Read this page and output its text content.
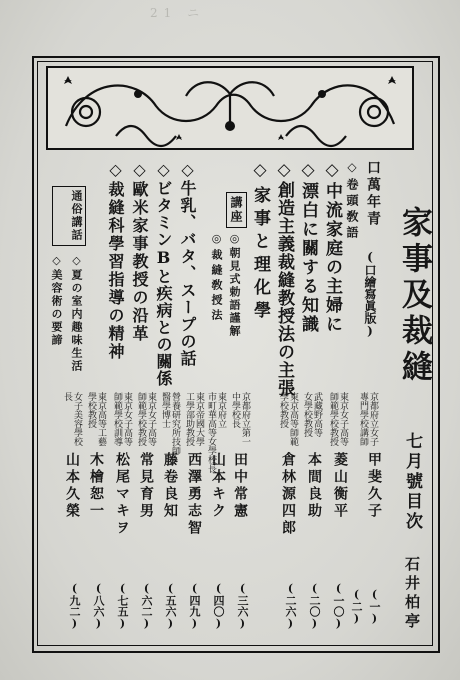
21 ニ
家事及裁縫
七月號目次
石井柏亭
口萬年青
(口繪寫眞版)
◇卷頭敎語
京都府立女子
專門學校講師
甲斐久子
(一)
(二)
◇中流家庭の主婦に
東京女子高等
師範學校教授
菱山衡平
(一〇)
◇漂白に關する知識
武藏野高等
女學校教授
本間良助
(二〇)
◇創造主義裁縫教授法の主張
東京高等師範
學校教授
倉林源四郎
(二六)
◇家事と理化學
講座
◎朝見式勅語謹解
京都府立第一
中學校長
田中常憲
(三六)
◎裁縫敎授法
東京府立
市町華高等女學校長
山本キク
(四〇)
◇牛乳、バタ、スープの話
東京帝國大學
工學部助教授
西澤勇志智
(四九)
◇ビタミンBと疾病との關係
營養研究所技師
醫學博士
藤卷良知
(五六)
◇歐米家事教授の沿革
東京女子高等
師範學校教授
常見育男
(六二)
◇裁縫科學習指導の精神
東京女子高等
師範學校訓導
松尾マキヲ
(七五)
通俗講話
◇夏の室内趣味生活
東京高等工藝
學校教授
木檜恕一
(八六)
◇美容術の要諦
女子美容學校
長
山本久榮
(九二)
